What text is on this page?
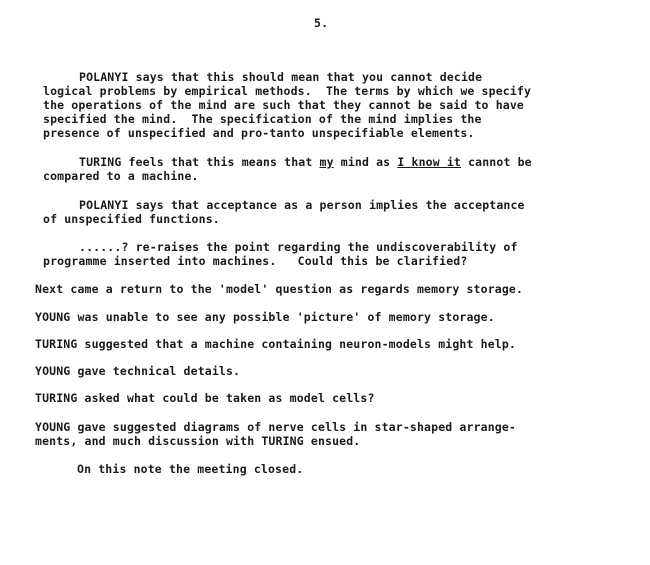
5.
POLANYI says that this should mean that you cannot decide
logical problems by empirical methods.  The terms by which we specify
the operations of the mind are such that they cannot be said to have
specified the mind.  The specification of the mind implies the
presence of unspecified and pro-tanto unspecifiable elements.
TURING feels that this means that my mind as I know it cannot be
compared to a machine.
POLANYI says that acceptance as a person implies the acceptance
of unspecified functions.
......? re-raises the point regarding the undiscoverability of
programme inserted into machines.   Could this be clarified?
Next came a return to the 'model' question as regards memory storage.
YOUNG was unable to see any possible 'picture' of memory storage.
TURING suggested that a machine containing neuron-models might help.
YOUNG gave technical details.
TURING asked what could be taken as model cells?
YOUNG gave suggested diagrams of nerve cells in star-shaped arrange-
ments, and much discussion with TURING ensued.
On this note the meeting closed.
